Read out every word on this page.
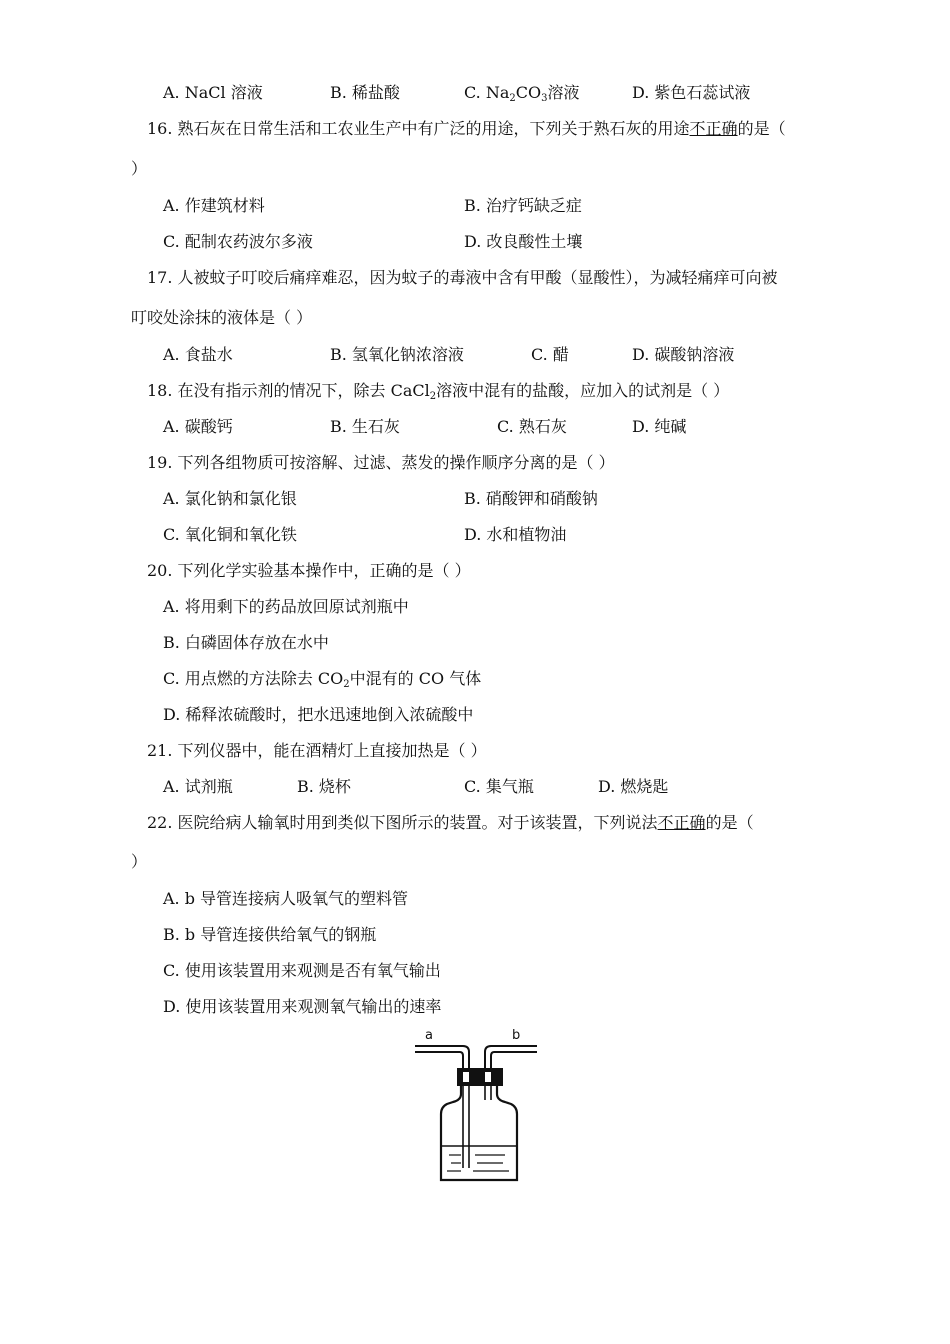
A. NaCl 溶液	B. 稀盐酸	C. $Na_2CO_3$溶液	D. 紫色石蕊试液
16. 熟石灰在日常生活和工农业生产中有广泛的用途，下列关于熟石灰的用途不正确的是（
）
A. 作建筑材料	B. 治疗钙缺乏症
C. 配制农药波尔多液	D. 改良酸性土壤
17. 人被蚊子叮咬后痛痒难忍，因为蚊子的毒液中含有甲酸（显酸性），为减轻痛痒可向被
叮咬处涂抹的液体是（ ）
A. 食盐水	B. 氢氧化钠浓溶液	C. 醋	D. 碳酸钠溶液
18. 在没有指示剂的情况下，除去 CaCl$_2$溶液中混有的盐酸，应加入的试剂是（ ）
A. 碳酸钙	B. 生石灰	C. 熟石灰	D. 纯碱
19. 下列各组物质可按溶解、过滤、蒸发的操作顺序分离的是（ ）
A. 氯化钠和氯化银	B. 硝酸钾和硝酸钠
C. 氧化铜和氧化铁	D. 水和植物油
20. 下列化学实验基本操作中，正确的是（ ）
A. 将用剩下的药品放回原试剂瓶中
B. 白磷固体存放在水中
C. 用点燃的方法除去 $CO_2$中混有的 CO 气体
D. 稀释浓硫酸时，把水迅速地倒入浓硫酸中
21. 下列仪器中，能在酒精灯上直接加热是（ ）
A. 试剂瓶	B. 烧杯	C. 集气瓶	D. 燃烧匙
22. 医院给病人输氧时用到类似下图所示的装置。对于该装置，下列说法不正确的是（
）
A. b 导管连接病人吸氧气的塑料管
B. b 导管连接供给氧气的钢瓶
C. 使用该装置用来观测是否有氧气输出
D. 使用该装置用来观测氧气输出的速率
a	b
